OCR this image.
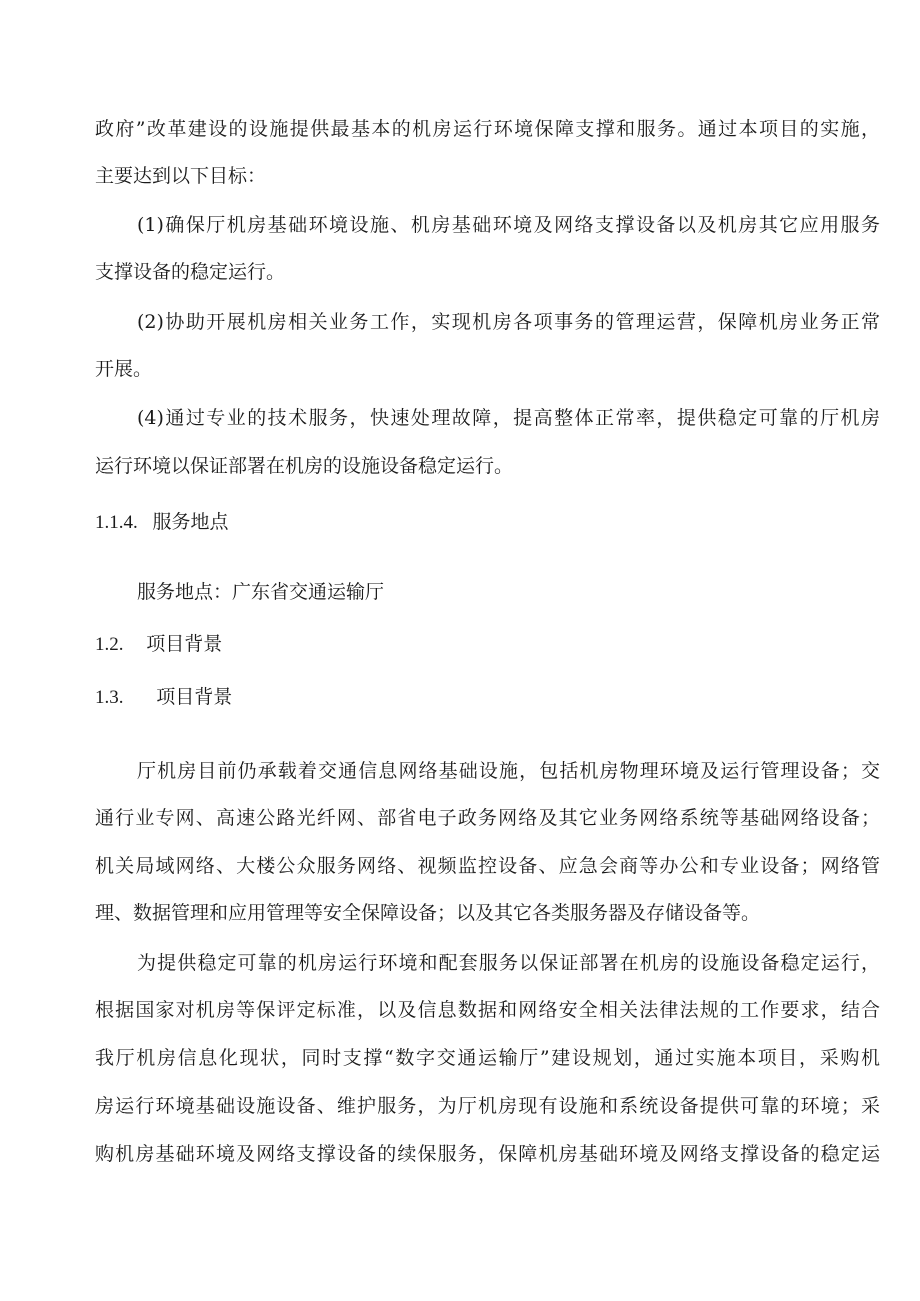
政府”改革建设的设施提供最基本的机房运行环境保障支撑和服务。通过本项目的实施，
主要达到以下目标：
(1)确保厅机房基础环境设施、机房基础环境及网络支撑设备以及机房其它应用服务
支撑设备的稳定运行。
(2)协助开展机房相关业务工作，实现机房各项事务的管理运营，保障机房业务正常
开展。
(4)通过专业的技术服务，快速处理故障，提高整体正常率，提供稳定可靠的厅机房
运行环境以保证部署在机房的设施设备稳定运行。
1.1.4. 服务地点
服务地点：广东省交通运输厅
1.2. 项目背景
1.3. 项目背景
厅机房目前仍承载着交通信息网络基础设施，包括机房物理环境及运行管理设备；交
通行业专网、高速公路光纤网、部省电子政务网络及其它业务网络系统等基础网络设备；
机关局域网络、大楼公众服务网络、视频监控设备、应急会商等办公和专业设备；网络管
理、数据管理和应用管理等安全保障设备；以及其它各类服务器及存储设备等。
为提供稳定可靠的机房运行环境和配套服务以保证部署在机房的设施设备稳定运行，
根据国家对机房等保评定标准，以及信息数据和网络安全相关法律法规的工作要求，结合
我厅机房信息化现状，同时支撑“数字交通运输厅”建设规划，通过实施本项目，采购机
房运行环境基础设施设备、维护服务，为厅机房现有设施和系统设备提供可靠的环境；采
购机房基础环境及网络支撑设备的续保服务，保障机房基础环境及网络支撑设备的稳定运
